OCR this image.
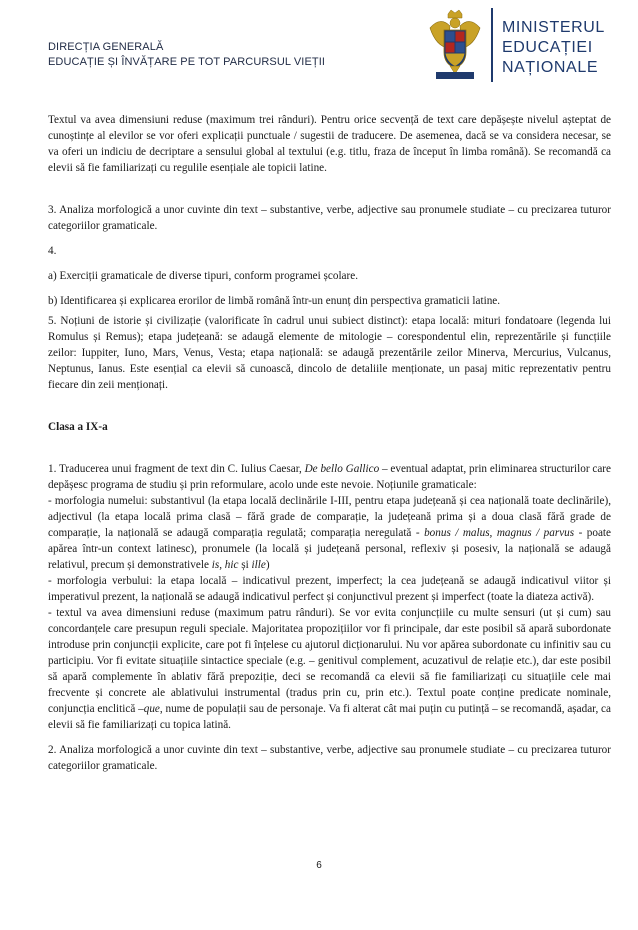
DIRECȚIA GENERALĂ
EDUCAȚIE ȘI ÎNVĂȚARE PE TOT PARCURSUL VIEȚII
MINISTERUL
EDUCAȚIEI
NAȚIONALE

Textul va avea dimensiuni reduse (maximum trei rânduri). Pentru orice secvență de text care depășește nivelul așteptat de cunoștințe al elevilor se vor oferi explicații punctuale / sugestii de traducere. De asemenea, dacă se va considera necesar, se va oferi un indiciu de decriptare a sensului global al textului (e.g. titlu, fraza de început în limba română). Se recomandă ca elevii să fie familiarizați cu regulile esențiale ale topicii latine.

3. Analiza morfologică a unor cuvinte din text – substantive, verbe, adjective sau pronumele studiate – cu precizarea tuturor categoriilor gramaticale.

4.

a) Exerciții gramaticale de diverse tipuri, conform programei școlare.

b) Identificarea și explicarea erorilor de limbă română într-un enunț din perspectiva gramaticii latine.

5. Noțiuni de istorie și civilizație (valorificate în cadrul unui subiect distinct): etapa locală: mituri fondatoare (legenda lui Romulus și Remus); etapa județeană: se adaugă elemente de mitologie – corespondentul elin, reprezentările și funcțiile zeilor: Iuppiter, Iuno, Mars, Venus, Vesta; etapa națională: se adaugă prezentările zeilor Minerva, Mercurius, Vulcanus, Neptunus, Ianus. Este esențial ca elevii să cunoască, dincolo de detaliile menționate, un pasaj mitic reprezentativ pentru fiecare din zeii menționați.

Clasa a IX-a

1. Traducerea unui fragment de text din C. Iulius Caesar, De bello Gallico – eventual adaptat, prin eliminarea structurilor care depășesc programa de studiu și prin reformulare, acolo unde este nevoie. Noțiunile gramaticale:

- morfologia numelui: substantivul (la etapa locală declinările I-III, pentru etapa județeană și cea națională toate declinările), adjectivul (la etapa locală prima clasă – fără grade de comparație, la județeană prima și a doua clasă fără grade de comparație, la națională se adaugă comparația regulată; comparația neregulată - bonus / malus, magnus / parvus - poate apărea într-un context latinesc), pronumele (la locală și județeană personal, reflexiv și posesiv, la națională se adaugă relativul, precum și demonstrativele is, hic și ille)

- morfologia verbului: la etapa locală – indicativul prezent, imperfect; la cea județeană se adaugă indicativul viitor și imperativul prezent, la națională se adaugă indicativul perfect și conjunctivul prezent și imperfect (toate la diateza activă).

- textul va avea dimensiuni reduse (maximum patru rânduri). Se vor evita conjuncțiile cu multe sensuri (ut și cum) sau concordanțele care presupun reguli speciale. Majoritatea propozițiilor vor fi principale, dar este posibil să apară subordonate introduse prin conjuncții explicite, care pot fi înțelese cu ajutorul dicționarului. Nu vor apărea subordonate cu infinitiv sau cu participiu. Vor fi evitate situațiile sintactice speciale (e.g. – genitivul complement, acuzativul de relație etc.), dar este posibil să apară complemente în ablativ fără prepoziție, deci se recomandă ca elevii să fie familiarizați cu situațiile cele mai frecvente și concrete ale ablativului instrumental (tradus prin cu, prin etc.). Textul poate conține predicate nominale, conjuncția enclitică –que, nume de populații sau de personaje. Va fi alterat cât mai puțin cu putință – se recomandă, așadar, ca elevii să fie familiarizați cu topica latină.

2. Analiza morfologică a unor cuvinte din text – substantive, verbe, adjective sau pronumele studiate – cu precizarea tuturor categoriilor gramaticale.

6
